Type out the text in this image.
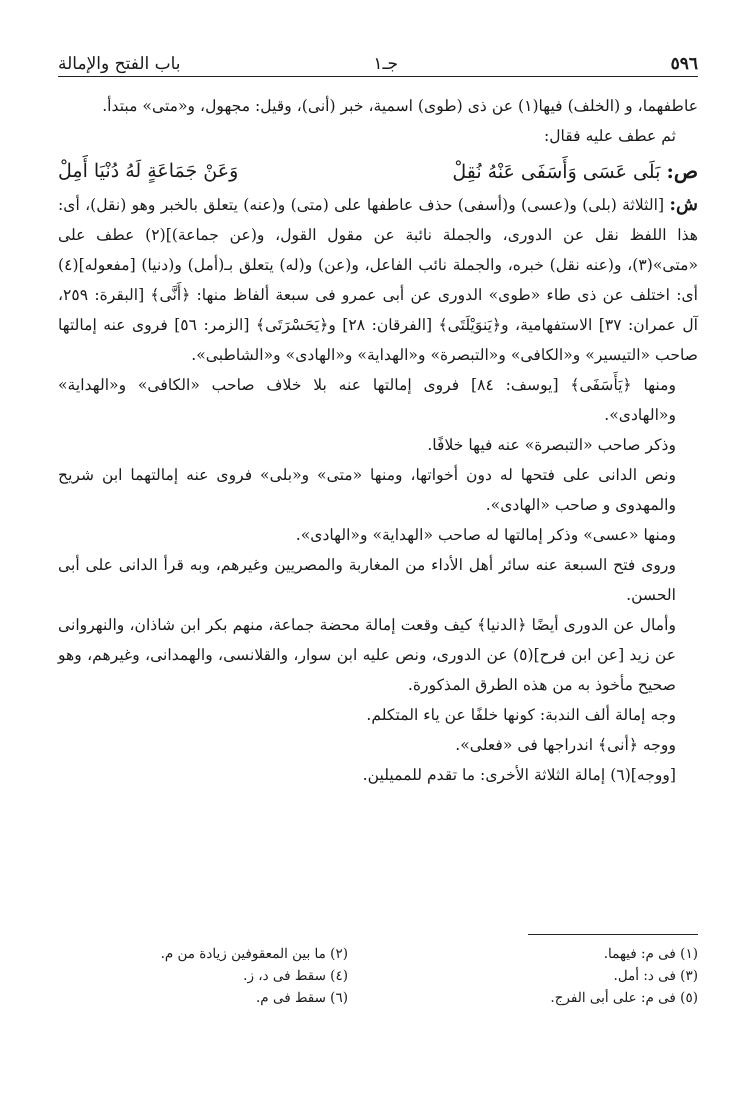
٥٩٦
جـ١
باب الفتح والإمالة

عاطفهما، و (الخلف) فيها(١) عن ذى (طوى) اسمية، خبر (أنى)، وقيل: مجهول، و«متى» مبتدأ.

ثم عطف عليه فقال:

ص: بَلَى عَسَى وَأَسَفَى عَنْهُ نُقِلْ
وَعَنْ جَمَاعَةٍ لَهُ دُنْيَا أَمِلْ

ش: [الثلاثة (بلى) و(عسى) و(أسفى) حذف عاطفها على (متى) و(عنه) يتعلق بالخبر وهو (نقل)، أى: هذا اللفظ نقل عن الدورى، والجملة نائبة عن مقول القول، و(عن جماعة)](٢) عطف على «متى»(٣)، و(عنه نقل) خبره، والجملة نائب الفاعل، و(عن) و(له) يتعلق بـ(أمل) و(دنيا) [مفعوله](٤) أى: اختلف عن ذى طاء «طوى» الدورى عن أبى عمرو فى سبعة ألفاظ منها: ﴿أَنَّى﴾ [البقرة: ٢٥٩، آل عمران: ٣٧] الاستفهامية، و﴿يَنوَيْلَتَى﴾ [الفرقان: ٢٨] و﴿يَحَسْرَتَى﴾ [الزمر: ٥٦] فروى عنه إمالتها صاحب «التيسير» و«الكافى» و«التبصرة» و«الهداية» و«الهادى» و«الشاطبى».

ومنها ﴿يَأَسَفَى﴾ [يوسف: ٨٤] فروى إمالتها عنه بلا خلاف صاحب «الكافى» و«الهداية» و«الهادى».

وذكر صاحب «التبصرة» عنه فيها خلافًا.

ونص الدانى على فتحها له دون أخواتها، ومنها «متى» و«بلى» فروى عنه إمالتهما ابن شريح والمهدوى و صاحب «الهادى».

ومنها «عسى» وذكر إمالتها له صاحب «الهداية» و«الهادى».

وروى فتح السبعة عنه سائر أهل الأداء من المغاربة والمصريين وغيرهم، وبه قرأ الدانى على أبى الحسن.

وأمال عن الدورى أيضًا ﴿الدنيا﴾ كيف وقعت إمالة محضة جماعة، منهم بكر ابن شاذان، والنهروانى عن زيد [عن ابن فرح](٥) عن الدورى، ونص عليه ابن سوار، والقلانسى، والهمدانى، وغيرهم، وهو صحيح مأخوذ به من هذه الطرق المذكورة.

وجه إمالة ألف الندبة: كونها خلفًا عن ياء المتكلم.

ووجه ﴿أنى﴾ اندراجها فى «فعلى».

[ووجه](٦) إمالة الثلاثة الأخرى: ما تقدم للمميلين.

(١) فى م: فيهما.

(٢) ما بين المعقوفين زيادة من م.

(٣) فى د: أمل.

(٤) سقط فى د، ز.

(٥) فى م: على أبى الفرج.

(٦) سقط فى م.
